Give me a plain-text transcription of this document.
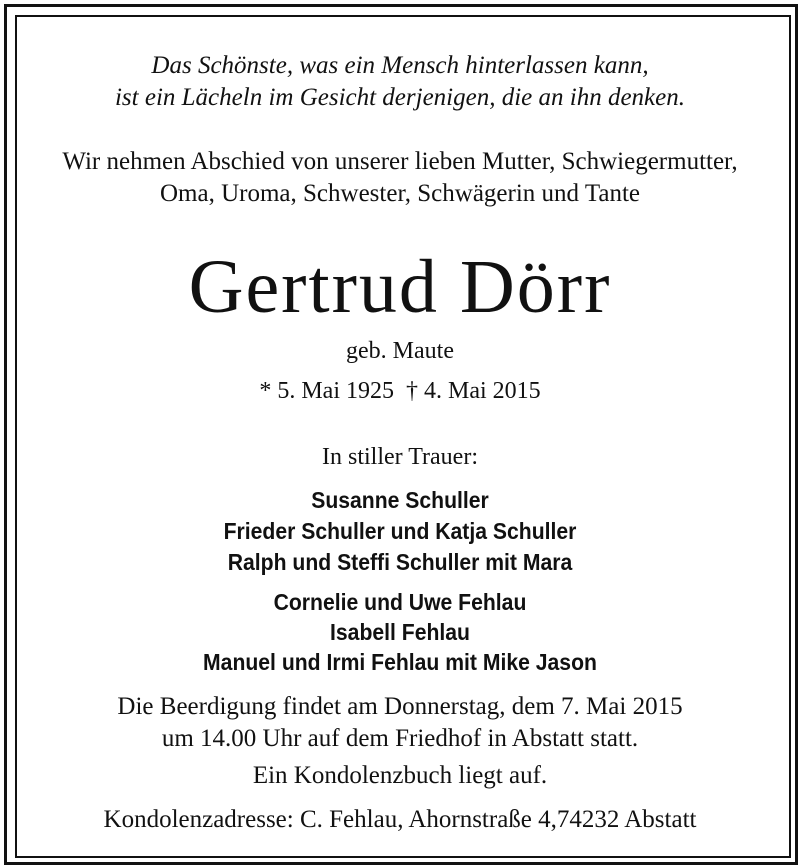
Das Schönste, was ein Mensch hinterlassen kann,
ist ein Lächeln im Gesicht derjenigen, die an ihn denken.
Wir nehmen Abschied von unserer lieben Mutter, Schwiegermutter,
Oma, Uroma, Schwester, Schwägerin und Tante
Gertrud Dörr
geb. Maute
* 5. Mai 1925  † 4. Mai 2015
In stiller Trauer:
Susanne Schuller
Frieder Schuller und Katja Schuller
Ralph und Steffi Schuller mit Mara
Cornelie und Uwe Fehlau
Isabell Fehlau
Manuel und Irmi Fehlau mit Mike Jason
Die Beerdigung findet am Donnerstag, dem 7. Mai 2015
um 14.00 Uhr auf dem Friedhof in Abstatt statt.
Ein Kondolenzbuch liegt auf.
Kondolenzadresse: C. Fehlau, Ahornstraße 4,74232 Abstatt
